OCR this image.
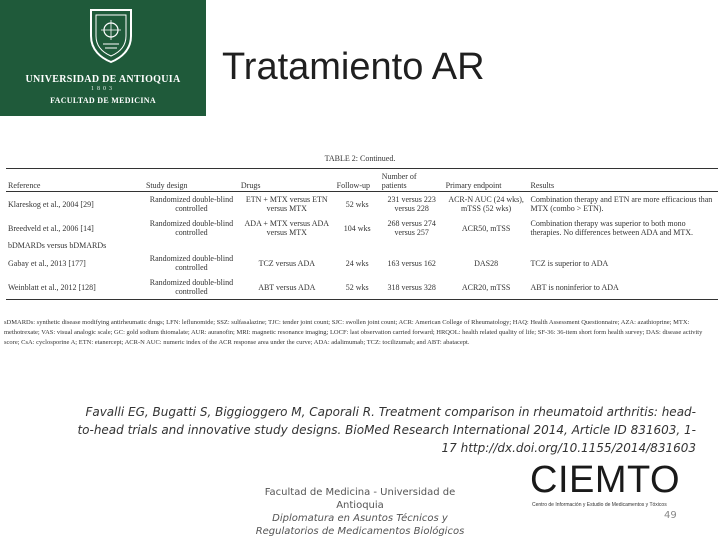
UNIVERSIDAD DE ANTIOQUIA
1803
FACULTAD DE MEDICINA
Tratamiento AR
TABLE 2: Continued.
Reference	Study design	Drugs	Follow-up	Number of patients	Primary endpoint	Results
Klareskog et al., 2004 [29]	Randomized double-blind controlled	ETN + MTX versus ETN versus MTX	52 wks	231 versus 223 versus 228	ACR-N AUC (24 wks), mTSS (52 wks)	Combination therapy and ETN are more efficacious than MTX (combo > ETN).
Breedveld et al., 2006 [14]	Randomized double-blind controlled	ADA + MTX versus ADA versus MTX	104 wks	268 versus 274 versus 257	ACR50, mTSS	Combination therapy was superior to both mono therapies. No differences between ADA and MTX.
bDMARDs versus bDMARDs						
Gabay et al., 2013 [177]	Randomized double-blind controlled	TCZ versus ADA	24 wks	163 versus 162	DAS28	TCZ is superior to ADA
Weinblatt et al., 2012 [128]	Randomized double-blind controlled	ABT versus ADA	52 wks	318 versus 328	ACR20, mTSS	ABT is noninferior to ADA
sDMARDs: synthetic disease modifying antirheumatic drugs; LFN: leflunomide; SSZ: sulfasalazine; TJC: tender joint count; SJC: swollen joint count; ACR: American College of Rheumatology; HAQ: Health Assessment Questionnaire; AZA: azathioprine; MTX: methotrexate; VAS: visual analogic scale; GC: gold sodium thiomalate; AUR: auranofin; MRI: magnetic resonance imaging; LOCF: last observation carried forward; HRQOL: health related quality of life; SF-36: 36-item short form health survey; DAS: disease activity score; CsA: cyclosporine A; ETN: etanercept; ACR-N AUC: numeric index of the ACR response area under the curve; ADA: adalimumab; TCZ: tocilizumab; and ABT: abatacept.
Favalli EG, Bugatti S, Biggioggero M, Caporali R. Treatment comparison in rheumatoid arthritis: head-
to-head trials and innovative study designs. BioMed Research International 2014, Article ID 831603, 1-
17 http://dx.doi.org/10.1155/2014/831603
Facultad de Medicina - Universidad de Antioquia
Diplomatura en Asuntos Técnicos y Regulatorios de Medicamentos Biológicos
CIEMTO
Centro de Información y Estudio de Medicamentos y Tóxicos
49
